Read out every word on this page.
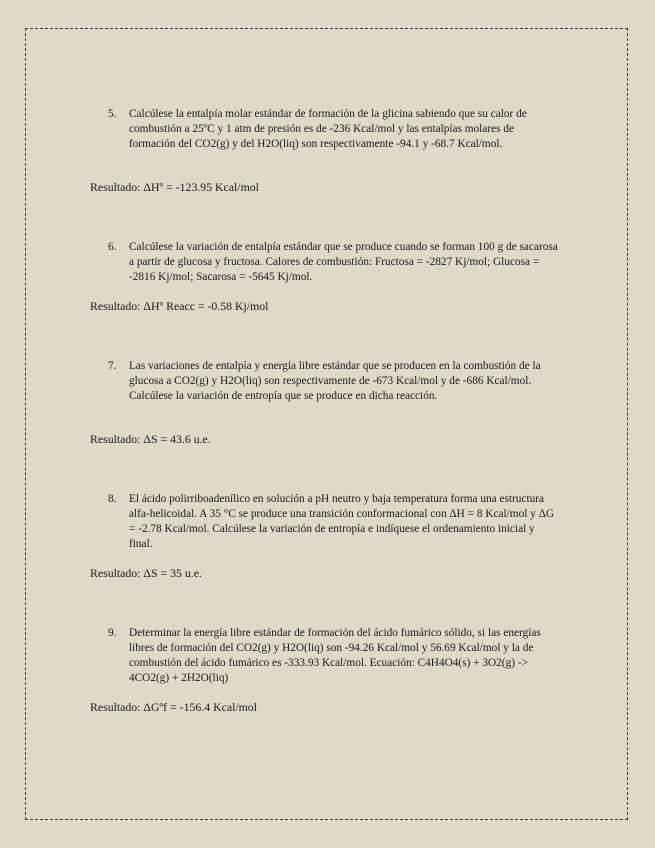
5.	Calcúlese la entalpía molar estándar de formación de la glicina sabiendo que su calor de combustión a 25ºC y 1 atm de presión es de -236 Kcal/mol y las entalpías molares de formación del CO2(g) y del H2O(liq) son respectivamente -94.1 y -68.7 Kcal/mol.
Resultado: ΔHº = -123.95 Kcal/mol
6.	Calcúlese la variación de entalpía estándar que se produce cuando se forman 100 g de sacarosa a partir de glucosa y fructosa. Calores de combustión: Fructosa = -2827 Kj/mol; Glucosa = -2816 Kj/mol; Sacarosa = -5645 Kj/mol.
Resultado: ΔHº Reacc = -0.58 Kj/mol
7.	Las variaciones de entalpía y energía libre estándar que se producen en la combustión de la glucosa a CO2(g) y H2O(liq) son respectivamente de -673 Kcal/mol y de -686 Kcal/mol. Calcúlese la variación de entropía que se produce en dicha reacción.
Resultado: ΔS = 43.6 u.e.
8.	El ácido polirriboadenílico en solución a pH neutro y baja temperatura forma una estructura alfa-helicoidal. A 35 °C se produce una transición conformacional con ΔH = 8 Kcal/mol y ΔG = -2.78 Kcal/mol. Calcúlese la variación de entropía e indíquese el ordenamiento inicial y final.
Resultado: ΔS = 35 u.e.
9.	Determinar la energía libre estándar de formación del ácido fumárico sólido, si las energías libres de formación del CO2(g) y H2O(liq) son -94.26 Kcal/mol y 56.69 Kcal/mol y la de combustión del ácido fumárico es -333.93 Kcal/mol. Ecuación: C4H4O4(s) + 3O2(g) -> 4CO2(g) + 2H2O(liq)
Resultado: ΔGºf = -156.4 Kcal/mol
